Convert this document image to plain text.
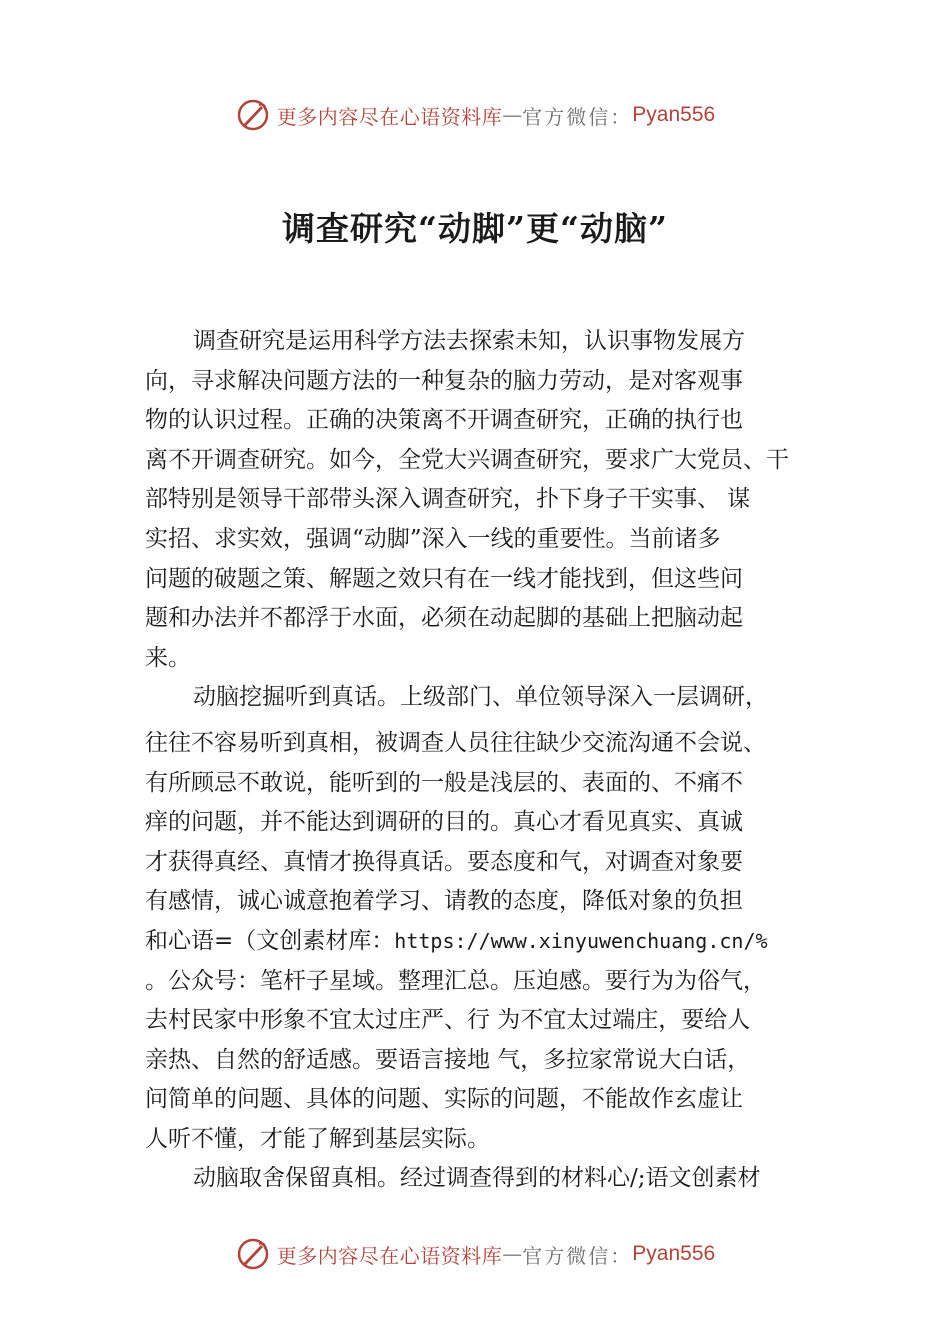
更多内容尽在心语资料库 — 官方微信： Pyan556
调查研究“动脚”更“动脑”
调查研究是运用科学方法去探索未知，认识事物发展方
向，寻求解决问题方法的一种复杂的脑力劳动，是对客观事
物的认识过程。正确的决策离不开调查研究，正确的执行也
离不开调查研究。如今，全党大兴调查研究，要求广大党员、干
部特别是领导干部带头深入调查研究，扑下身子干实事、 谋
实招、求实效，强调“动脚”深入一线的重要性。当前诸多
问题的破题之策、解题之效只有在一线才能找到，但这些问
题和办法并不都浮于水面，必须在动起脚的基础上把脑动起
来。
动脑挖掘听到真话。上级部门、单位领导深入一层调研，
往往不容易听到真相，被调查人员往往缺少交流沟通不会说、
有所顾忌不敢说，能听到的一般是浅层的、表面的、不痛不
痒的问题，并不能达到调研的目的。真心才看见真实、真诚
才获得真经、真情才换得真话。要态度和气，对调查对象要
有感情，诚心诚意抱着学习、请教的态度，降低对象的负担
和心语=（文创素材库：https://www.xinyuwenchuang.cn/%
。公众号：笔杆子星域。整理汇总。压迫感。要行为为俗气，
去村民家中形象不宜太过庄严、行 为不宜太过端庄，要给人
亲热、自然的舒适感。要语言接地 气，多拉家常说大白话，
问简单的问题、具体的问题、实际的问题，不能故作玄虚让
人听不懂，才能了解到基层实际。
动脑取舍保留真相。经过调查得到的材料心/;语文创素材
更多内容尽在心语资料库 — 官方微信： Pyan556
